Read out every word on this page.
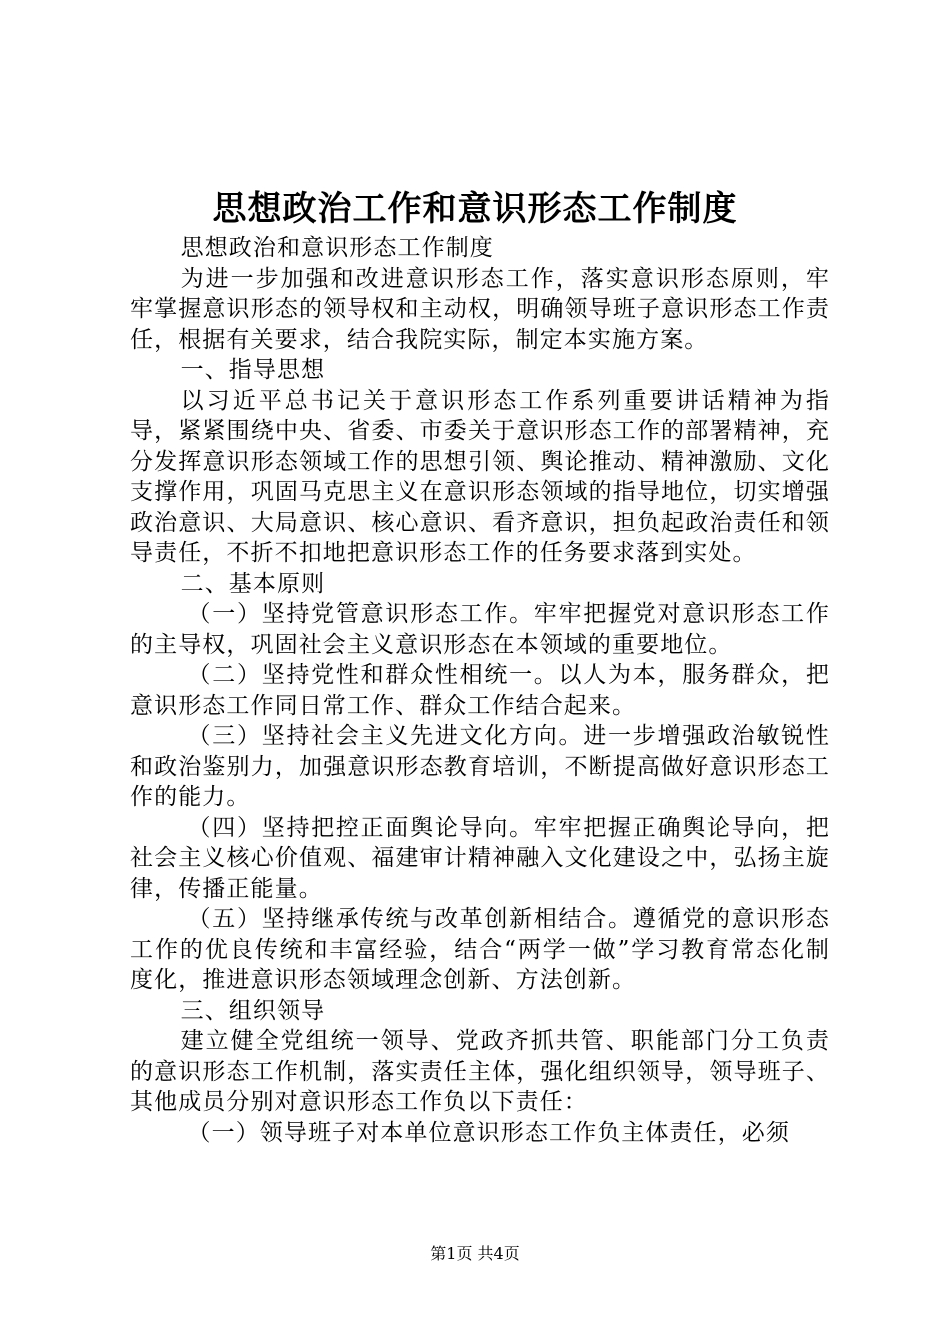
思想政治工作和意识形态工作制度

思想政治和意识形态工作制度

为进一步加强和改进意识形态工作，落实意识形态原则，牢牢掌握意识形态的领导权和主动权，明确领导班子意识形态工作责任，根据有关要求，结合我院实际，制定本实施方案。

一、指导思想

以习近平总书记关于意识形态工作系列重要讲话精神为指导，紧紧围绕中央、省委、市委关于意识形态工作的部署精神，充分发挥意识形态领域工作的思想引领、舆论推动、精神激励、文化支撑作用，巩固马克思主义在意识形态领域的指导地位，切实增强政治意识、大局意识、核心意识、看齐意识，担负起政治责任和领导责任，不折不扣地把意识形态工作的任务要求落到实处。

二、基本原则

（一）坚持党管意识形态工作。牢牢把握党对意识形态工作的主导权，巩固社会主义意识形态在本领域的重要地位。

（二）坚持党性和群众性相统一。以人为本，服务群众，把意识形态工作同日常工作、群众工作结合起来。

（三）坚持社会主义先进文化方向。进一步增强政治敏锐性和政治鉴别力，加强意识形态教育培训，不断提高做好意识形态工作的能力。

（四）坚持把控正面舆论导向。牢牢把握正确舆论导向，把社会主义核心价值观、福建审计精神融入文化建设之中，弘扬主旋律，传播正能量。

（五）坚持继承传统与改革创新相结合。遵循党的意识形态工作的优良传统和丰富经验，结合“两学一做”学习教育常态化制度化，推进意识形态领域理念创新、方法创新。

三、组织领导

建立健全党组统一领导、党政齐抓共管、职能部门分工负责的意识形态工作机制，落实责任主体，强化组织领导，领导班子、其他成员分别对意识形态工作负以下责任：

（一）领导班子对本单位意识形态工作负主体责任，必须

第1页 共4页
